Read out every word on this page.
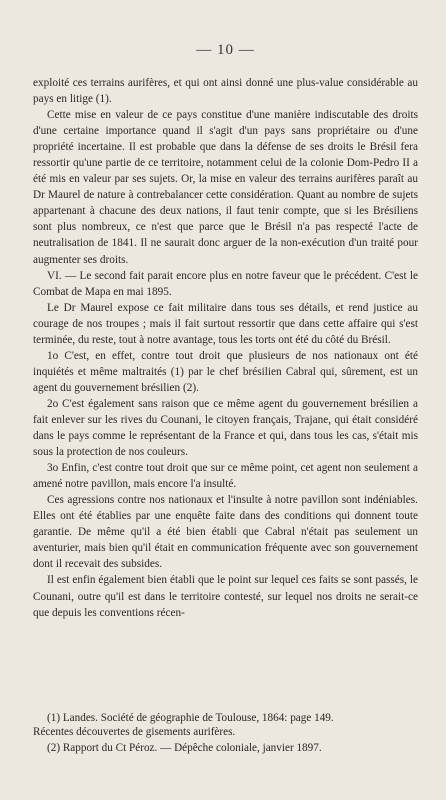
— 10 —

exploité ces terrains aurifères, et qui ont ainsi donné une plus-value considérable au pays en litige (1).

Cette mise en valeur de ce pays constitue d'une manière indiscutable des droits d'une certaine importance quand il s'agit d'un pays sans propriétaire ou d'une propriété incertaine. Il est probable que dans la défense de ses droits le Brésil fera ressortir qu'une partie de ce territoire, notamment celui de la colonie Dom-Pedro II a été mis en valeur par ses sujets. Or, la mise en valeur des terrains aurifères paraît au Dr Maurel de nature à contrebalancer cette considération. Quant au nombre de sujets appartenant à chacune des deux nations, il faut tenir compte, que si les Brésiliens sont plus nombreux, ce n'est que parce que le Brésil n'a pas respecté l'acte de neutralisation de 1841. Il ne saurait donc arguer de la non-exécution d'un traité pour augmenter ses droits.

VI. — Le second fait parait encore plus en notre faveur que le précédent. C'est le Combat de Mapa en mai 1895.

Le Dr Maurel expose ce fait militaire dans tous ses détails, et rend justice au courage de nos troupes ; mais il fait surtout ressortir que dans cette affaire qui s'est terminée, du reste, tout à notre avantage, tous les torts ont été du côté du Brésil.

1o C'est, en effet, contre tout droit que plusieurs de nos nationaux ont été inquiétés et même maltraités (1) par le chef brésilien Cabral qui, sûrement, est un agent du gouvernement brésilien (2).

2o C'est également sans raison que ce même agent du gouvernement brésilien a fait enlever sur les rives du Counani, le citoyen français, Trajane, qui était considéré dans le pays comme le représentant de la France et qui, dans tous les cas, s'était mis sous la protection de nos couleurs.

3o Enfin, c'est contre tout droit que sur ce même point, cet agent non seulement a amené notre pavillon, mais encore l'a insulté.

Ces agressions contre nos nationaux et l'insulte à notre pavillon sont indéniables. Elles ont été établies par une enquête faite dans des conditions qui donnent toute garantie. De même qu'il a été bien établi que Cabral n'était pas seulement un aventurier, mais bien qu'il était en communication fréquente avec son gouvernement dont il recevait des subsides.

Il est enfin également bien établi que le point sur lequel ces faits se sont passés, le Counani, outre qu'il est dans le territoire contesté, sur lequel nos droits ne serait-ce que depuis les conventions récen-

(1) Landes. Société de géographie de Toulouse, 1864: page 149.

Récentes découvertes de gisements aurifères.

(2) Rapport du Ct Péroz. — Dépêche coloniale, janvier 1897.
